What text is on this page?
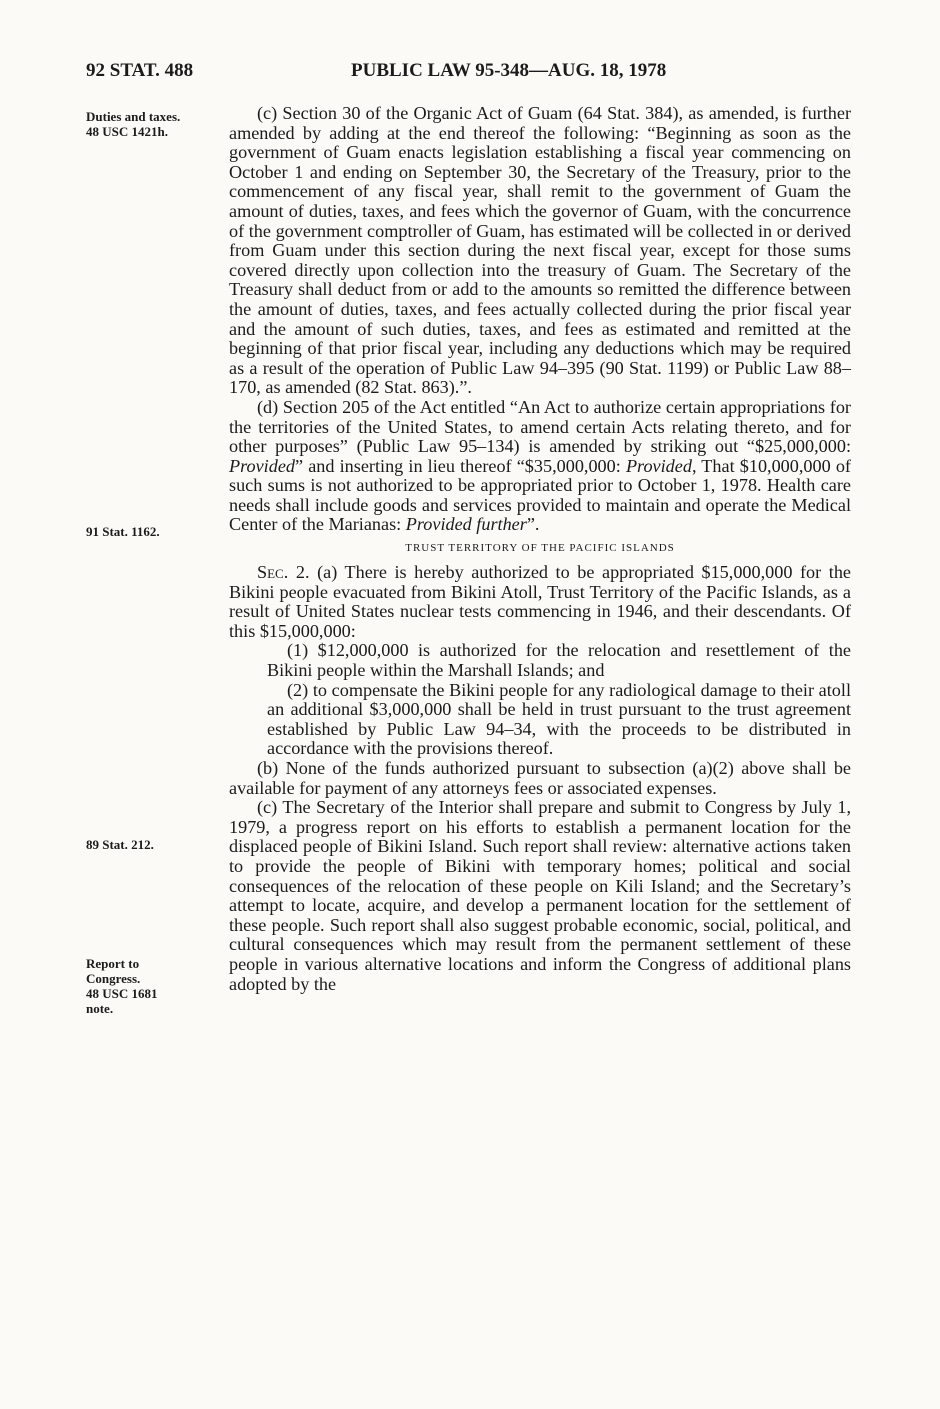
92 STAT. 488	PUBLIC LAW 95-348—AUG. 18, 1978
Duties and taxes.
48 USC 1421h.
91 Stat. 1162.
89 Stat. 212.
Report to
Congress.
48 USC 1681
note.

(c) Section 30 of the Organic Act of Guam (64 Stat. 384), as amended, is further amended by adding at the end thereof the following: “Beginning as soon as the government of Guam enacts legislation establishing a fiscal year commencing on October 1 and ending on September 30, the Secretary of the Treasury, prior to the commencement of any fiscal year, shall remit to the government of Guam the amount of duties, taxes, and fees which the governor of Guam, with the concurrence of the government comptroller of Guam, has estimated will be collected in or derived from Guam under this section during the next fiscal year, except for those sums covered directly upon collection into the treasury of Guam. The Secretary of the Treasury shall deduct from or add to the amounts so remitted the difference between the amount of duties, taxes, and fees actually collected during the prior fiscal year and the amount of such duties, taxes, and fees as estimated and remitted at the beginning of that prior fiscal year, including any deductions which may be required as a result of the operation of Public Law 94–395 (90 Stat. 1199) or Public Law 88–170, as amended (82 Stat. 863).”.

(d) Section 205 of the Act entitled “An Act to authorize certain appropriations for the territories of the United States, to amend certain Acts relating thereto, and for other purposes” (Public Law 95–134) is amended by striking out “$25,000,000: Provided” and inserting in lieu thereof “$35,000,000: Provided, That $10,000,000 of such sums is not authorized to be appropriated prior to October 1, 1978. Health care needs shall include goods and services provided to maintain and operate the Medical Center of the Marianas: Provided further”.

TRUST TERRITORY OF THE PACIFIC ISLANDS

Sec. 2. (a) There is hereby authorized to be appropriated $15,000,000 for the Bikini people evacuated from Bikini Atoll, Trust Territory of the Pacific Islands, as a result of United States nuclear tests commencing in 1946, and their descendants. Of this $15,000,000:

(1) $12,000,000 is authorized for the relocation and resettlement of the Bikini people within the Marshall Islands; and

(2) to compensate the Bikini people for any radiological damage to their atoll an additional $3,000,000 shall be held in trust pursuant to the trust agreement established by Public Law 94–34, with the proceeds to be distributed in accordance with the provisions thereof.

(b) None of the funds authorized pursuant to subsection (a)(2) above shall be available for payment of any attorneys fees or associated expenses.

(c) The Secretary of the Interior shall prepare and submit to Congress by July 1, 1979, a progress report on his efforts to establish a permanent location for the displaced people of Bikini Island. Such report shall review: alternative actions taken to provide the people of Bikini with temporary homes; political and social consequences of the relocation of these people on Kili Island; and the Secretary’s attempt to locate, acquire, and develop a permanent location for the settlement of these people. Such report shall also suggest probable economic, social, political, and cultural consequences which may result from the permanent settlement of these people in various alternative locations and inform the Congress of additional plans adopted by the
